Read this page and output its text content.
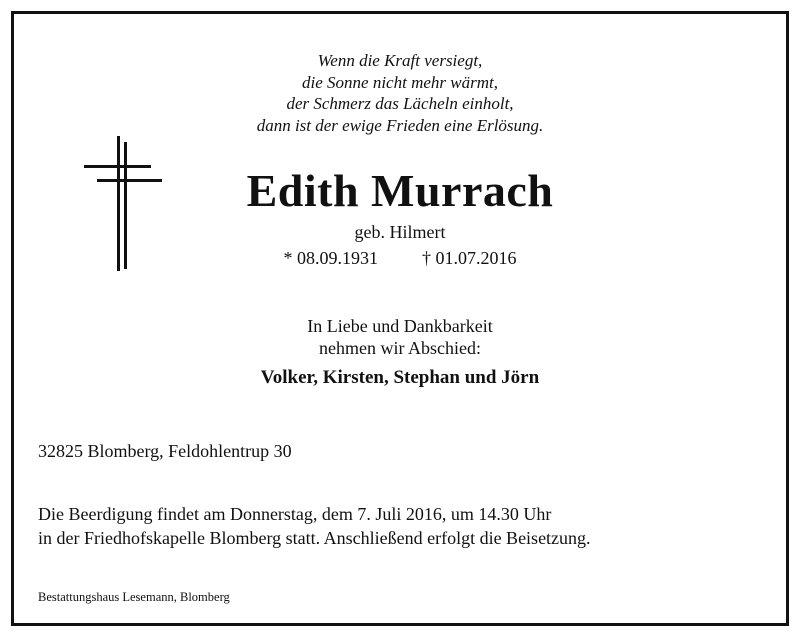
Wenn die Kraft versiegt,
die Sonne nicht mehr wärmt,
der Schmerz das Lächeln einholt,
dann ist der ewige Frieden eine Erlösung.
Edith Murrach
geb. Hilmert
* 08.09.1931 † 01.07.2016
In Liebe und Dankbarkeit
nehmen wir Abschied:
Volker, Kirsten, Stephan und Jörn
32825 Blomberg, Feldohlentrup 30
Die Beerdigung findet am Donnerstag, dem 7. Juli 2016, um 14.30 Uhr
in der Friedhofskapelle Blomberg statt. Anschließend erfolgt die Beisetzung.
Bestattungshaus Lesemann, Blomberg
